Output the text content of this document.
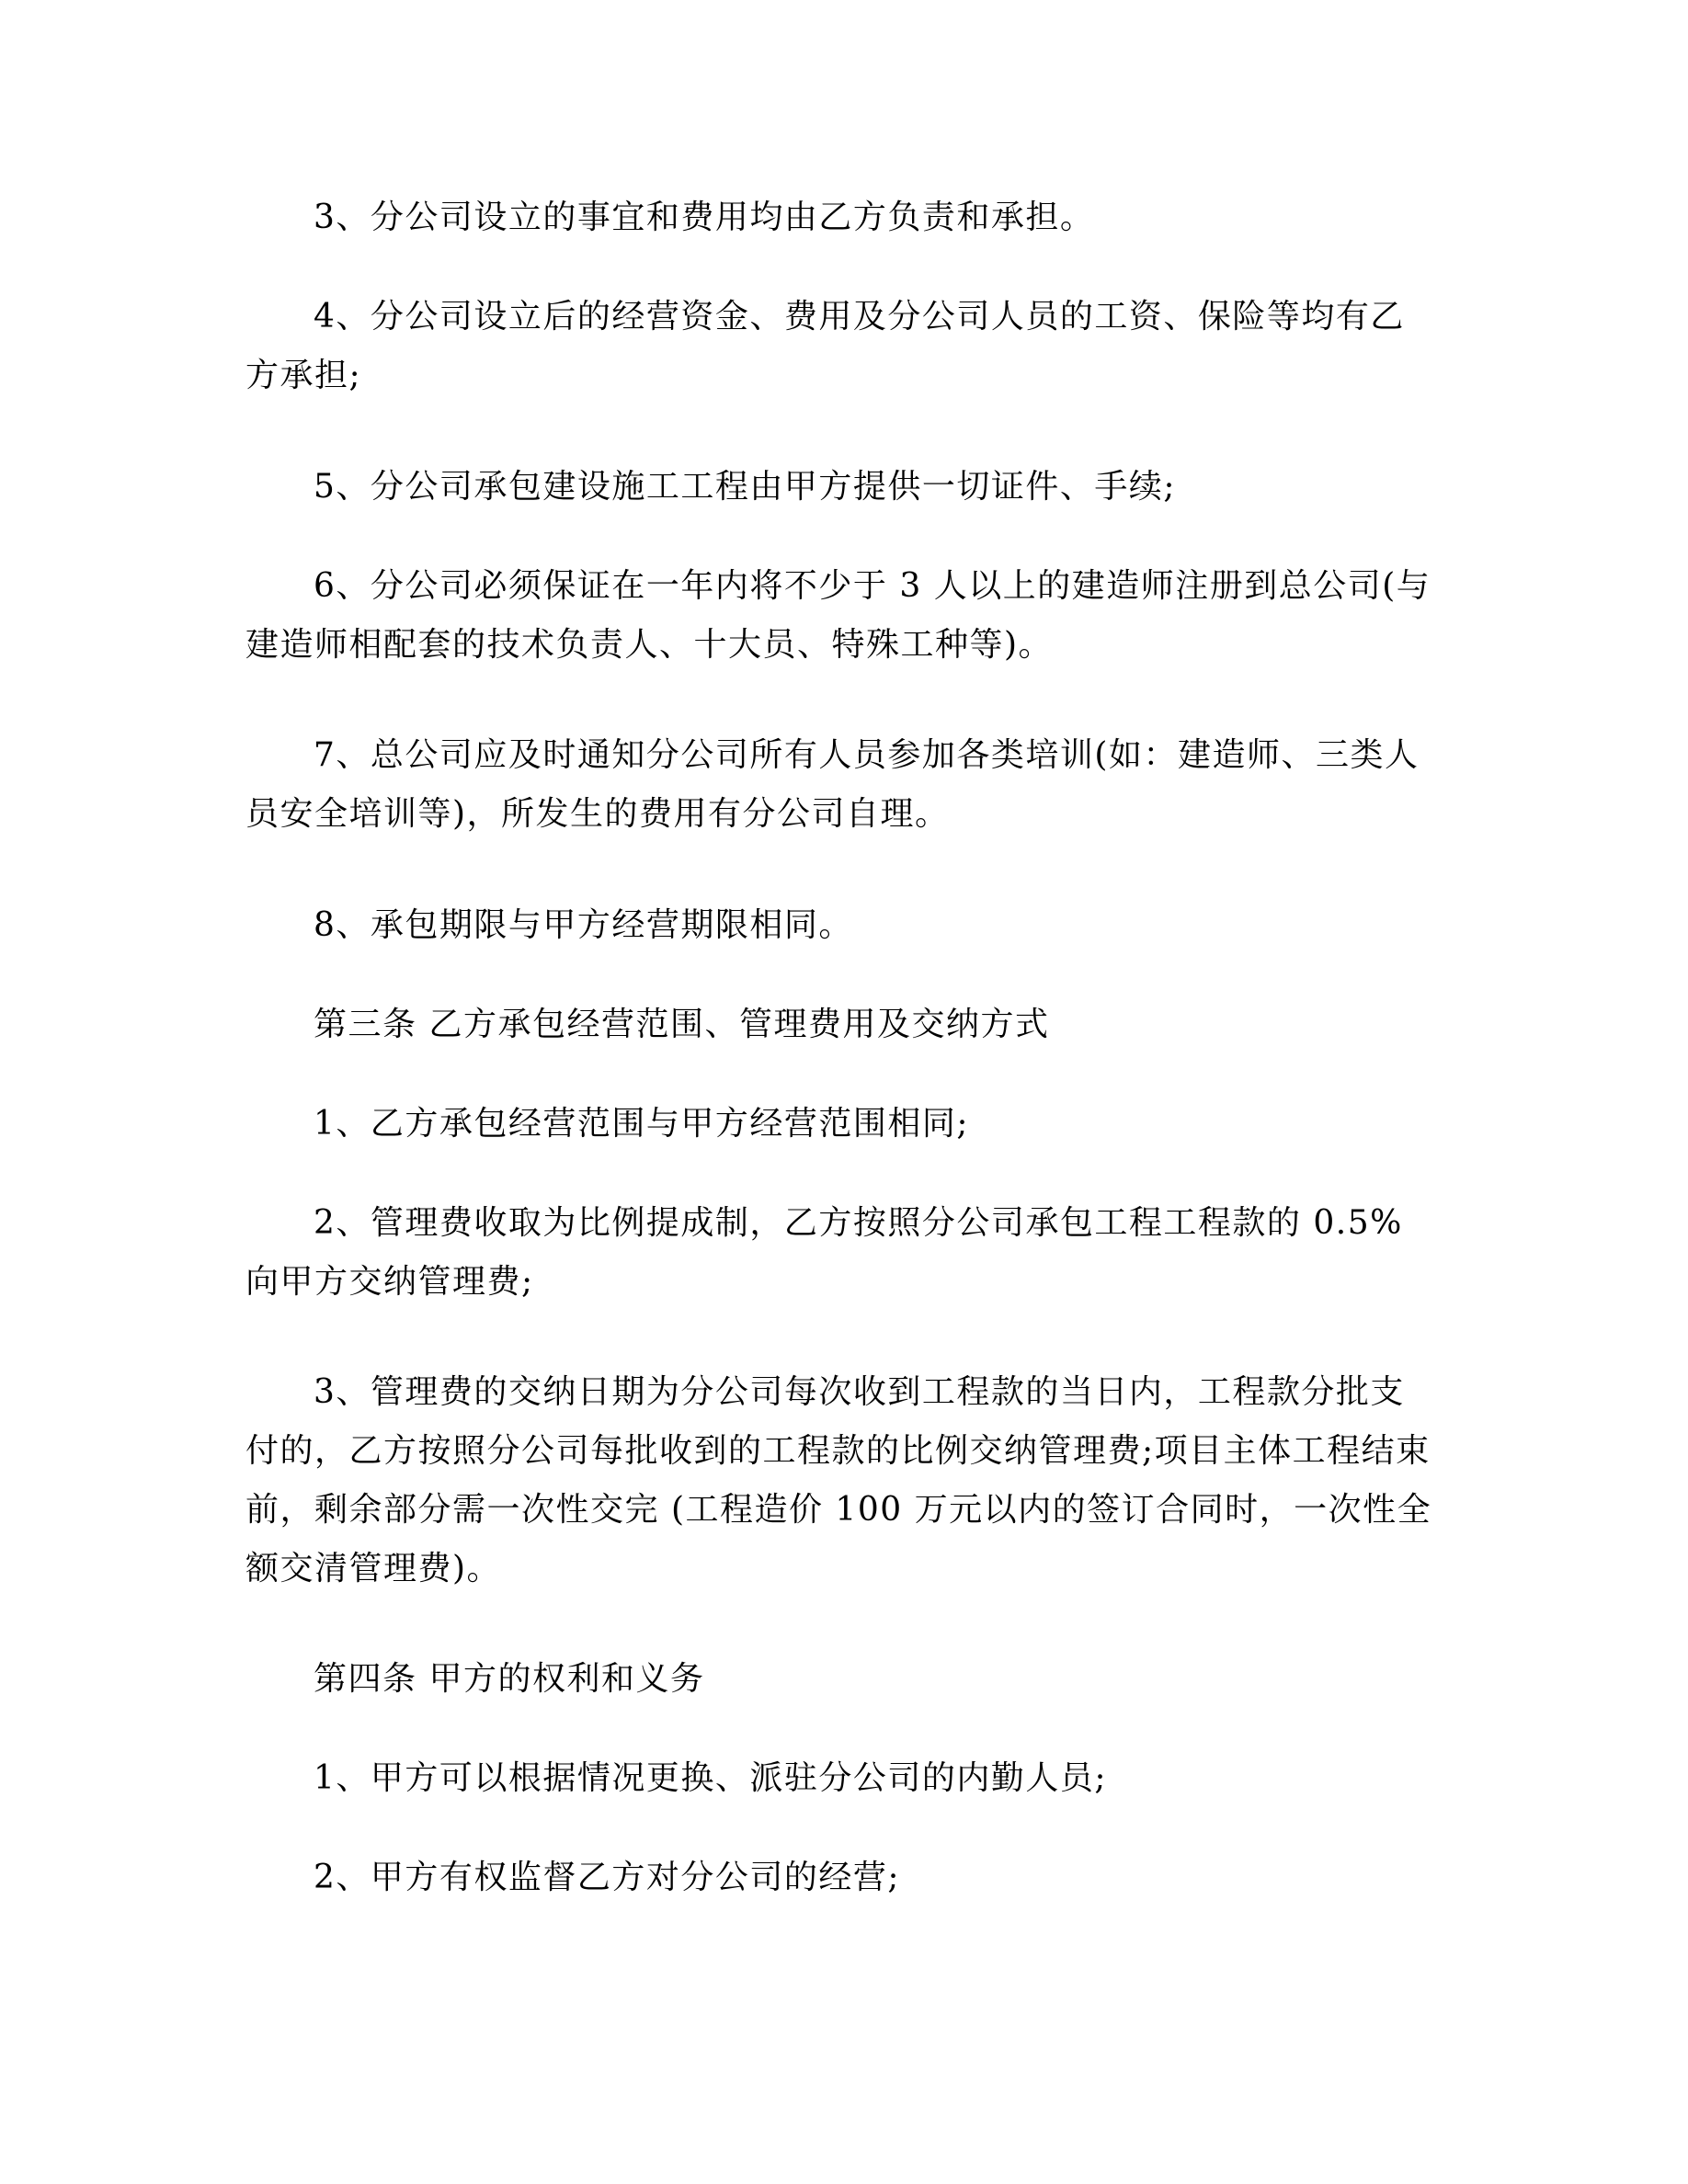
3、分公司设立的事宜和费用均由乙方负责和承担。

4、分公司设立后的经营资金、费用及分公司人员的工资、保险等均有乙方承担;

5、分公司承包建设施工工程由甲方提供一切证件、手续;

6、分公司必须保证在一年内将不少于 3 人以上的建造师注册到总公司(与建造师相配套的技术负责人、十大员、特殊工种等)。

7、总公司应及时通知分公司所有人员参加各类培训(如：建造师、三类人员安全培训等)，所发生的费用有分公司自理。

8、承包期限与甲方经营期限相同。

第三条 乙方承包经营范围、管理费用及交纳方式

1、乙方承包经营范围与甲方经营范围相同;

2、管理费收取为比例提成制，乙方按照分公司承包工程工程款的 0.5%向甲方交纳管理费;

3、管理费的交纳日期为分公司每次收到工程款的当日内，工程款分批支付的，乙方按照分公司每批收到的工程款的比例交纳管理费;项目主体工程结束前，剩余部分需一次性交完 (工程造价 100 万元以内的签订合同时，一次性全额交清管理费)。

第四条 甲方的权利和义务

1、甲方可以根据情况更换、派驻分公司的内勤人员;

2、甲方有权监督乙方对分公司的经营;
